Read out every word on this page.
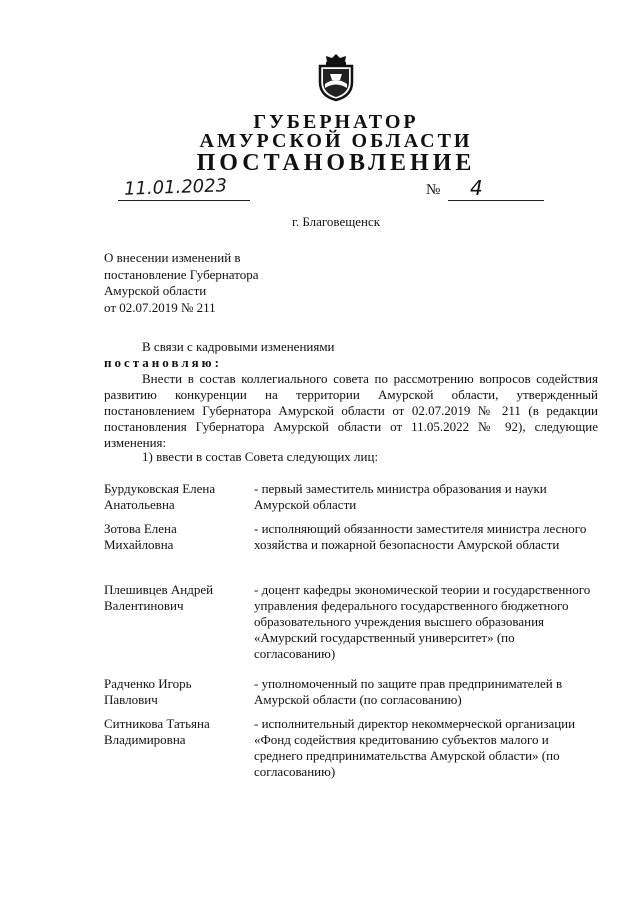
ГУБЕРНАТОР
АМУРСКОЙ ОБЛАСТИ
ПОСТАНОВЛЕНИЕ
11.01.2023	№ 4
г. Благовещенск
О внесении изменений в
постановление Губернатора
Амурской области
от 02.07.2019 № 211
В связи с кадровыми изменениями
постановляю:
Внести в состав коллегиального совета по рассмотрению вопросов содействия развитию конкуренции на территории Амурской области, утвержденный постановлением Губернатора Амурской области от 02.07.2019 № 211 (в редакции постановления Губернатора Амурской области от 11.05.2022 № 92), следующие изменения:
1) ввести в состав Совета следующих лиц:
Бурдуковская Елена Анатольевна
- первый заместитель министра образования и науки Амурской области
Зотова Елена Михайловна
- исполняющий обязанности заместителя министра лесного хозяйства и пожарной безопасности Амурской области
Плешивцев Андрей Валентинович
- доцент кафедры экономической теории и государственного управления федерального государственного бюджетного образовательного учреждения высшего образования «Амурский государственный университет» (по согласованию)
Радченко Игорь Павлович
- уполномоченный по защите прав предпринимателей в Амурской области (по согласованию)
Ситникова Татьяна Владимировна
- исполнительный директор некоммерческой организации «Фонд содействия кредитованию субъектов малого и среднего предпринимательства Амурской области» (по согласованию)
